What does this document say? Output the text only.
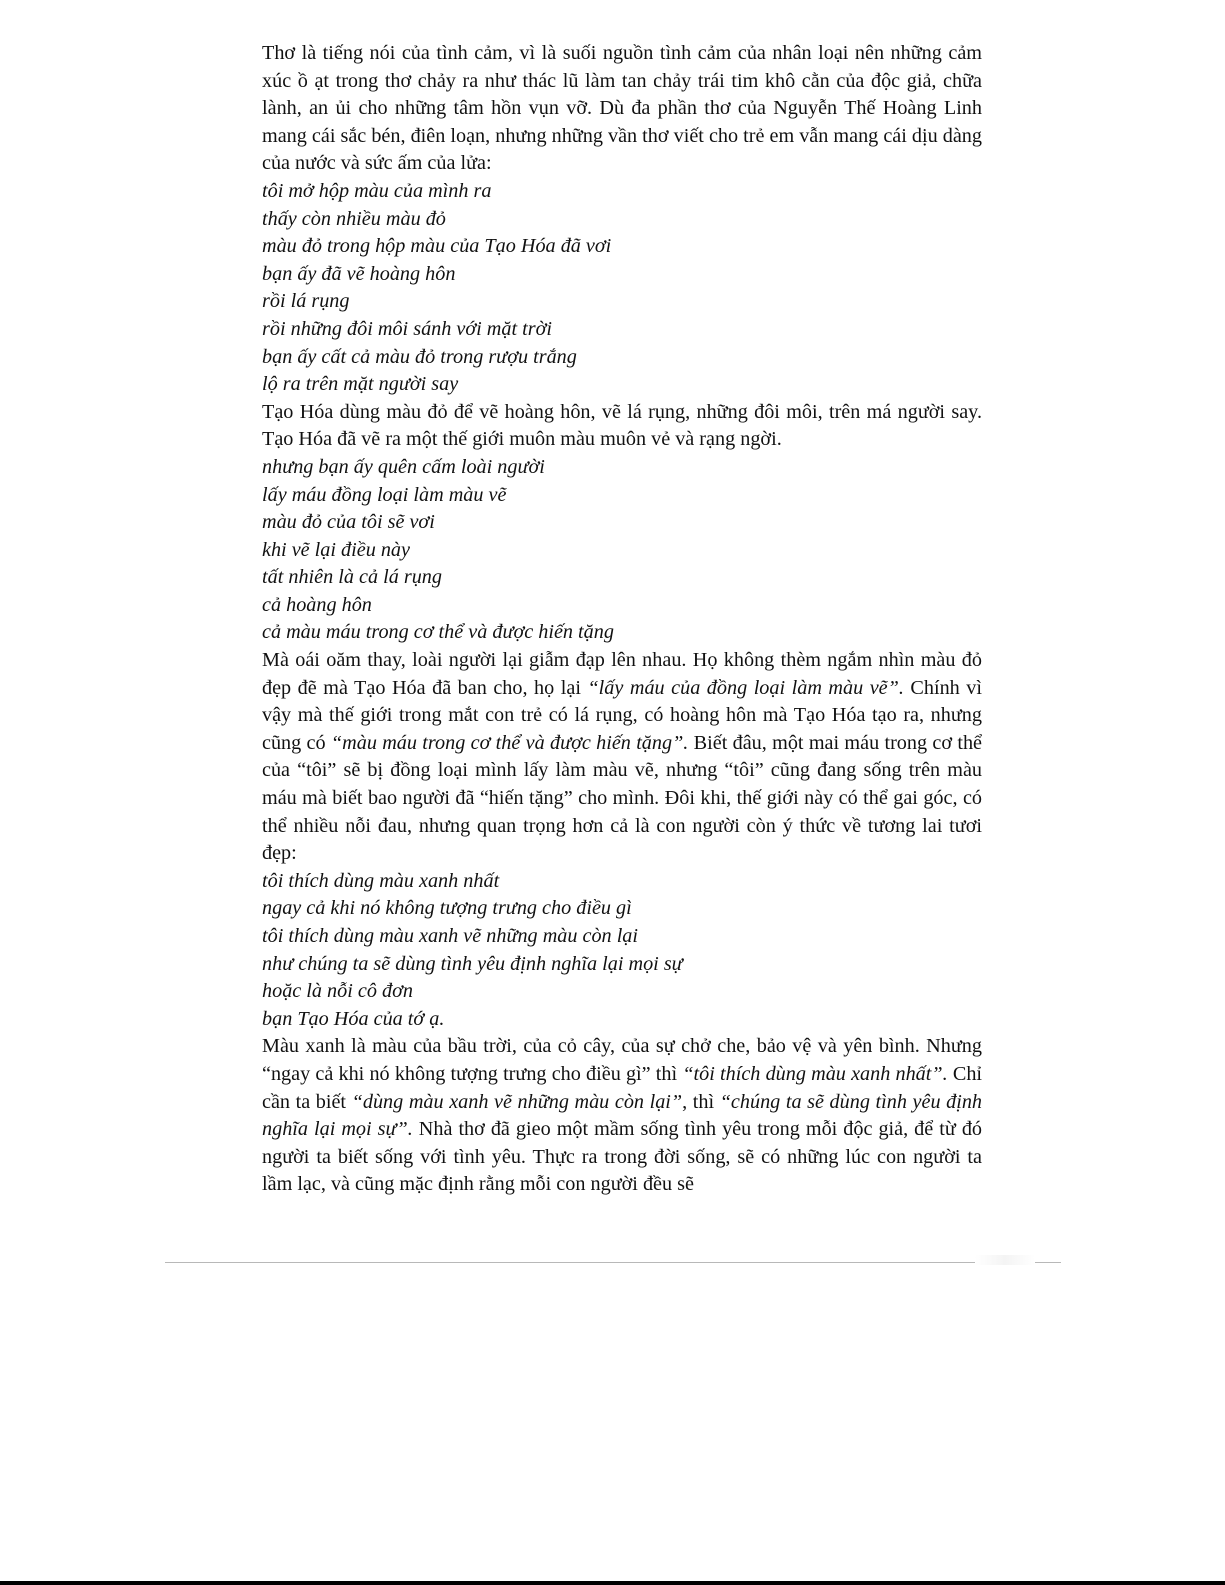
Thơ là tiếng nói của tình cảm, vì là suối nguồn tình cảm của nhân loại nên những cảm xúc ồ ạt trong thơ chảy ra như thác lũ làm tan chảy trái tim khô cằn của độc giả, chữa lành, an ủi cho những tâm hồn vụn vỡ. Dù đa phần thơ của Nguyễn Thế Hoàng Linh mang cái sắc bén, điên loạn, nhưng những vần thơ viết cho trẻ em vẫn mang cái dịu dàng của nước và sức ấm của lửa:

tôi mở hộp màu của mình ra
thấy còn nhiều màu đỏ
màu đỏ trong hộp màu của Tạo Hóa đã vơi
bạn ấy đã vẽ hoàng hôn
rồi lá rụng
rồi những đôi môi sánh với mặt trời
bạn ấy cất cả màu đỏ trong rượu trắng
lộ ra trên mặt người say

Tạo Hóa dùng màu đỏ để vẽ hoàng hôn, vẽ lá rụng, những đôi môi, trên má người say. Tạo Hóa đã vẽ ra một thế giới muôn màu muôn vẻ và rạng ngời.

nhưng bạn ấy quên cấm loài người
lấy máu đồng loại làm màu vẽ
màu đỏ của tôi sẽ vơi
khi vẽ lại điều này
tất nhiên là cả lá rụng
cả hoàng hôn
cả màu máu trong cơ thể và được hiến tặng

Mà oái oăm thay, loài người lại giẫm đạp lên nhau. Họ không thèm ngắm nhìn màu đỏ đẹp đẽ mà Tạo Hóa đã ban cho, họ lại “lấy máu của đồng loại làm màu vẽ”. Chính vì vậy mà thế giới trong mắt con trẻ có lá rụng, có hoàng hôn mà Tạo Hóa tạo ra, nhưng cũng có “màu máu trong cơ thể và được hiến tặng”. Biết đâu, một mai máu trong cơ thể của “tôi” sẽ bị đồng loại mình lấy làm màu vẽ, nhưng “tôi” cũng đang sống trên màu máu mà biết bao người đã “hiến tặng” cho mình. Đôi khi, thế giới này có thể gai góc, có thể nhiều nỗi đau, nhưng quan trọng hơn cả là con người còn ý thức về tương lai tươi đẹp:

tôi thích dùng màu xanh nhất
ngay cả khi nó không tượng trưng cho điều gì
tôi thích dùng màu xanh vẽ những màu còn lại
như chúng ta sẽ dùng tình yêu định nghĩa lại mọi sự
hoặc là nỗi cô đơn
bạn Tạo Hóa của tớ ạ.

Màu xanh là màu của bầu trời, của cỏ cây, của sự chở che, bảo vệ và yên bình. Nhưng “ngay cả khi nó không tượng trưng cho điều gì” thì “tôi thích dùng màu xanh nhất”. Chỉ cần ta biết “dùng màu xanh vẽ những màu còn lại”, thì “chúng ta sẽ dùng tình yêu định nghĩa lại mọi sự”. Nhà thơ đã gieo một mầm sống tình yêu trong mỗi độc giả, để từ đó người ta biết sống với tình yêu. Thực ra trong đời sống, sẽ có những lúc con người ta lầm lạc, và cũng mặc định rằng mỗi con người đều sẽ
